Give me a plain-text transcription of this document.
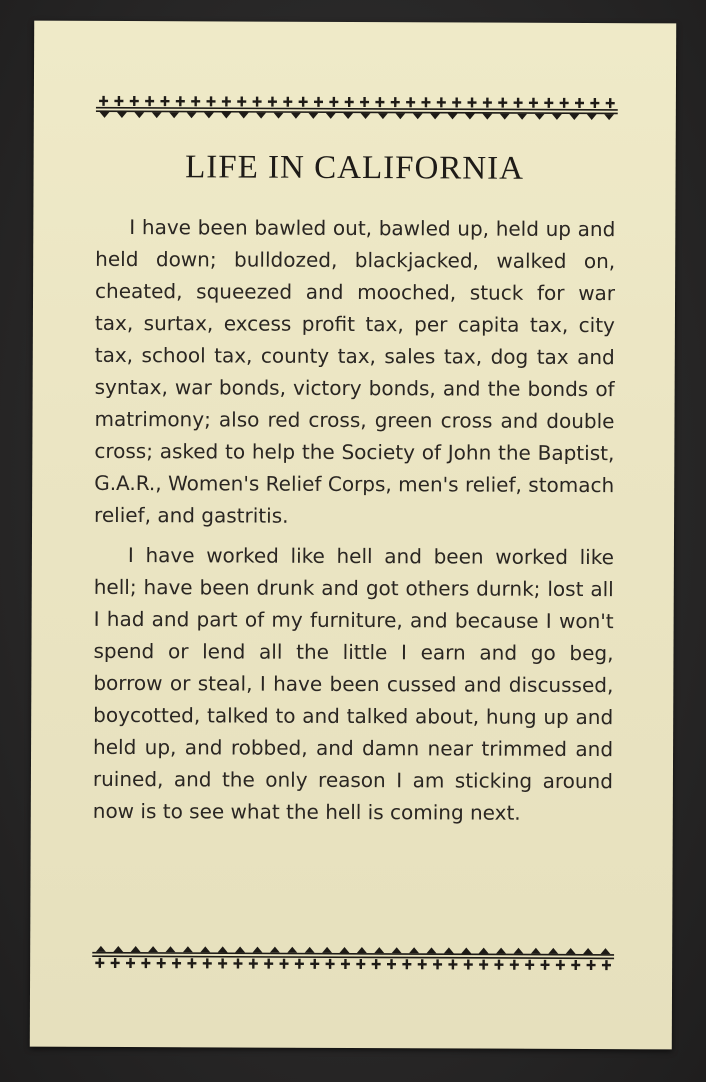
LIFE IN CALIFORNIA

I have been bawled out, bawled up, held up and held down; bulldozed, blackjacked, walked on, cheated, squeezed and mooched, stuck for war tax, surtax, excess profit tax, per capita tax, city tax, school tax, county tax, sales tax, dog tax and syntax, war bonds, victory bonds, and the bonds of matrimony; also red cross, green cross and double cross; asked to help the Society of John the Baptist, G.A.R., Women's Relief Corps, men's relief, stomach relief, and gastritis.

I have worked like hell and been worked like hell; have been drunk and got others durnk; lost all I had and part of my furniture, and because I won't spend or lend all the little I earn and go beg, borrow or steal, I have been cussed and discussed, boycotted, talked to and talked about, hung up and held up, and robbed, and damn near trimmed and ruined, and the only reason I am sticking around now is to see what the hell is coming next.
